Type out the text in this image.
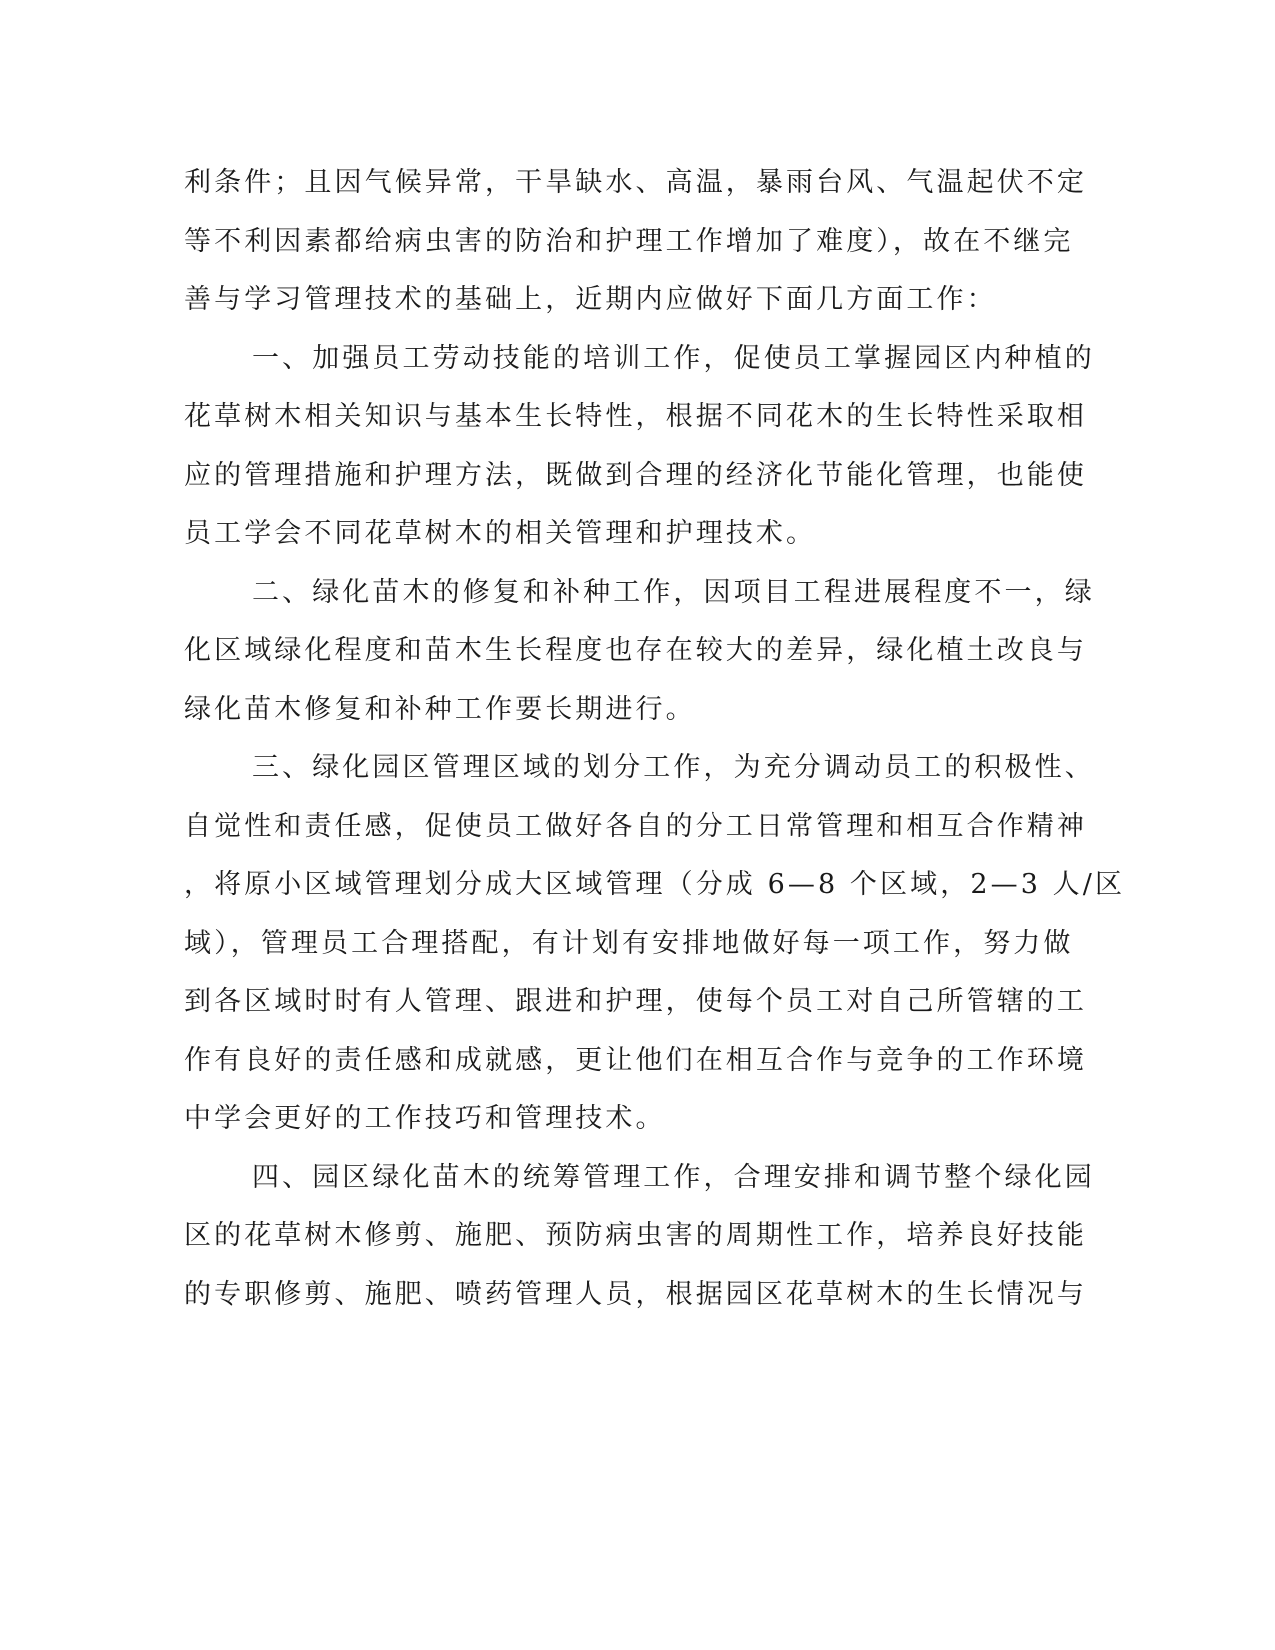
利条件；且因气候异常，干旱缺水、高温，暴雨台风、气温起伏不定
等不利因素都给病虫害的防治和护理工作增加了难度），故在不继完
善与学习管理技术的基础上，近期内应做好下面几方面工作：
一、加强员工劳动技能的培训工作，促使员工掌握园区内种植的
花草树木相关知识与基本生长特性，根据不同花木的生长特性采取相
应的管理措施和护理方法，既做到合理的经济化节能化管理，也能使
员工学会不同花草树木的相关管理和护理技术。
二、绿化苗木的修复和补种工作，因项目工程进展程度不一，绿
化区域绿化程度和苗木生长程度也存在较大的差异，绿化植土改良与
绿化苗木修复和补种工作要长期进行。
三、绿化园区管理区域的划分工作，为充分调动员工的积极性、
自觉性和责任感，促使员工做好各自的分工日常管理和相互合作精神
，将原小区域管理划分成大区域管理（分成 6—8 个区域，2—3 人/区
域），管理员工合理搭配，有计划有安排地做好每一项工作，努力做
到各区域时时有人管理、跟进和护理，使每个员工对自己所管辖的工
作有良好的责任感和成就感，更让他们在相互合作与竞争的工作环境
中学会更好的工作技巧和管理技术。
四、园区绿化苗木的统筹管理工作，合理安排和调节整个绿化园
区的花草树木修剪、施肥、预防病虫害的周期性工作，培养良好技能
的专职修剪、施肥、喷药管理人员，根据园区花草树木的生长情况与
